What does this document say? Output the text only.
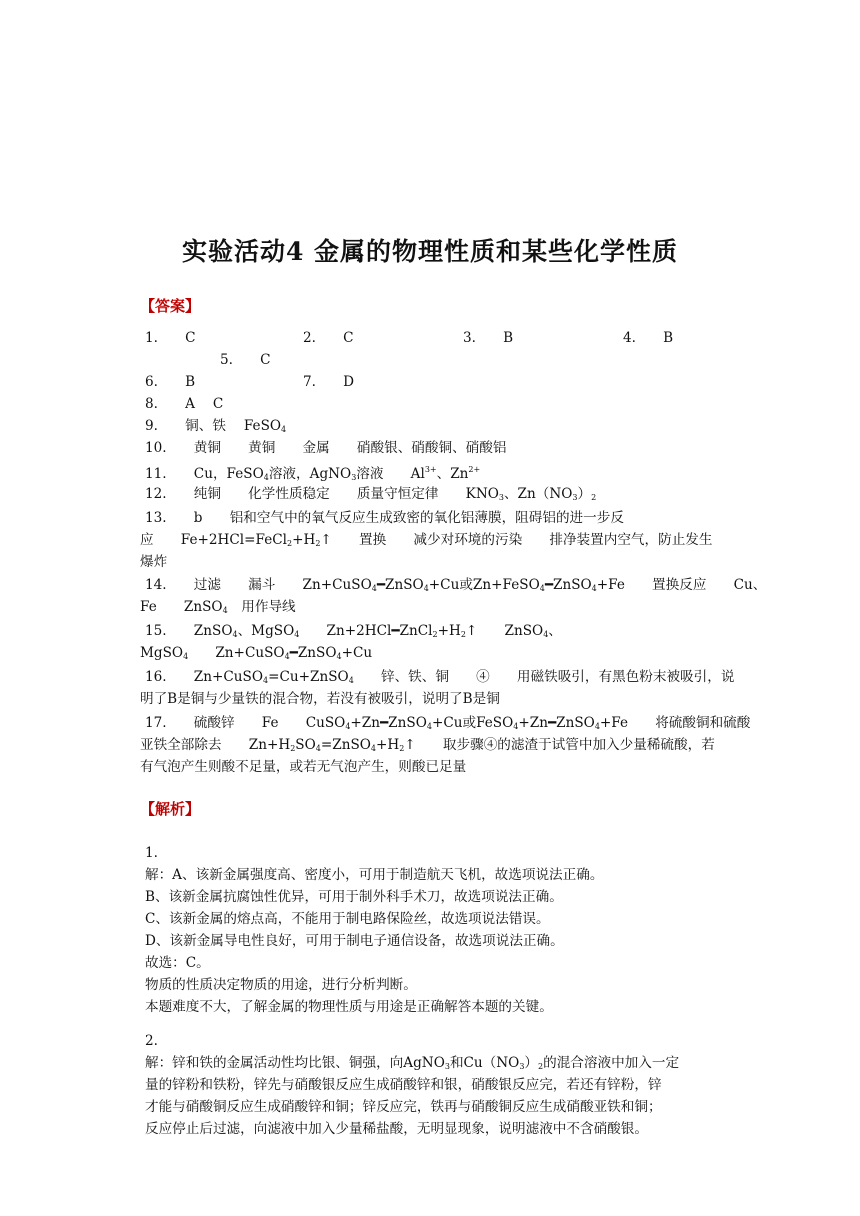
实验活动4 金属的物理性质和某些化学性质
【答案】
1.　　C	2.　　C	3.　　B	4.　　B
5.　　C
6.　　B	7.　　D
8.　　A　 C
9.　　铜、铁　 FeSO$_4$
10.　　黄铜　　黄铜　　金属　　硝酸银、硝酸铜、硝酸铝
11.　　Cu，FeSO$_4$溶液，AgNO$_3$溶液　　$Al^{3+}$、$Zn^{2+}$
12.　　纯铜　　化学性质稳定　　质量守恒定律　　$KNO_3$、$Zn(NO_3)_2$
13.　　b　　铝和空气中的氧气反应生成致密的氧化铝薄膜，阻碍铝的进一步反
应　　$Fe+2HCl=FeCl_2+H_2↑$　　置换　　减少对环境的污染　　排净装置内空气，防止发生
爆炸
14.　　过滤　　漏斗　　Zn+CuSO$_4$━ZnSO$_4$+Cu或Zn+FeSO$_4$━ZnSO$_4$+Fe　　置换反应　　Cu、
Fe　　ZnSO$_4$　用作导线
15.　　ZnSO$_4$、MgSO$_4$　　$Zn+2HCl━ZnCl_2+H_2↑$　　ZnSO$_4$、
MgSO$_4$　　Zn+CuSO$_4$━ZnSO$_4$+Cu
16.　　Zn+CuSO$_4$=Cu+ZnSO$_4$　　锌、铁、铜　　④　　用磁铁吸引，有黑色粉末被吸引，说
明了B是铜与少量铁的混合物，若没有被吸引，说明了B是铜
17.　　硫酸锌　　Fe　　CuSO$_4$+Zn━ZnSO$_4$+Cu或FeSO$_4$+Zn━ZnSO$_4$+Fe　　将硫酸铜和硫酸
亚铁全部除去　　$Zn+H_2SO_4=ZnSO_4+H_2↑$　　取步骤④的滤渣于试管中加入少量稀硫酸，若
有气泡产生则酸不足量，或若无气泡产生，则酸已足量
【解析】
1.
解：A、该新金属强度高、密度小，可用于制造航天飞机，故选项说法正确。
B、该新金属抗腐蚀性优异，可用于制外科手术刀，故选项说法正确。
C、该新金属的熔点高，不能用于制电路保险丝，故选项说法错误。
D、该新金属导电性良好，可用于制电子通信设备，故选项说法正确。
故选：C。
物质的性质决定物质的用途，进行分析判断。
本题难度不大，了解金属的物理性质与用途是正确解答本题的关键。
2.
解：锌和铁的金属活动性均比银、铜强，向AgNO$_3$和$Cu(NO_3)_2$的混合溶液中加入一定
量的锌粉和铁粉，锌先与硝酸银反应生成硝酸锌和银，硝酸银反应完，若还有锌粉，锌
才能与硝酸铜反应生成硝酸锌和铜；锌反应完，铁再与硝酸铜反应生成硝酸亚铁和铜；
反应停止后过滤，向滤液中加入少量稀盐酸，无明显现象，说明滤液中不含硝酸银。
